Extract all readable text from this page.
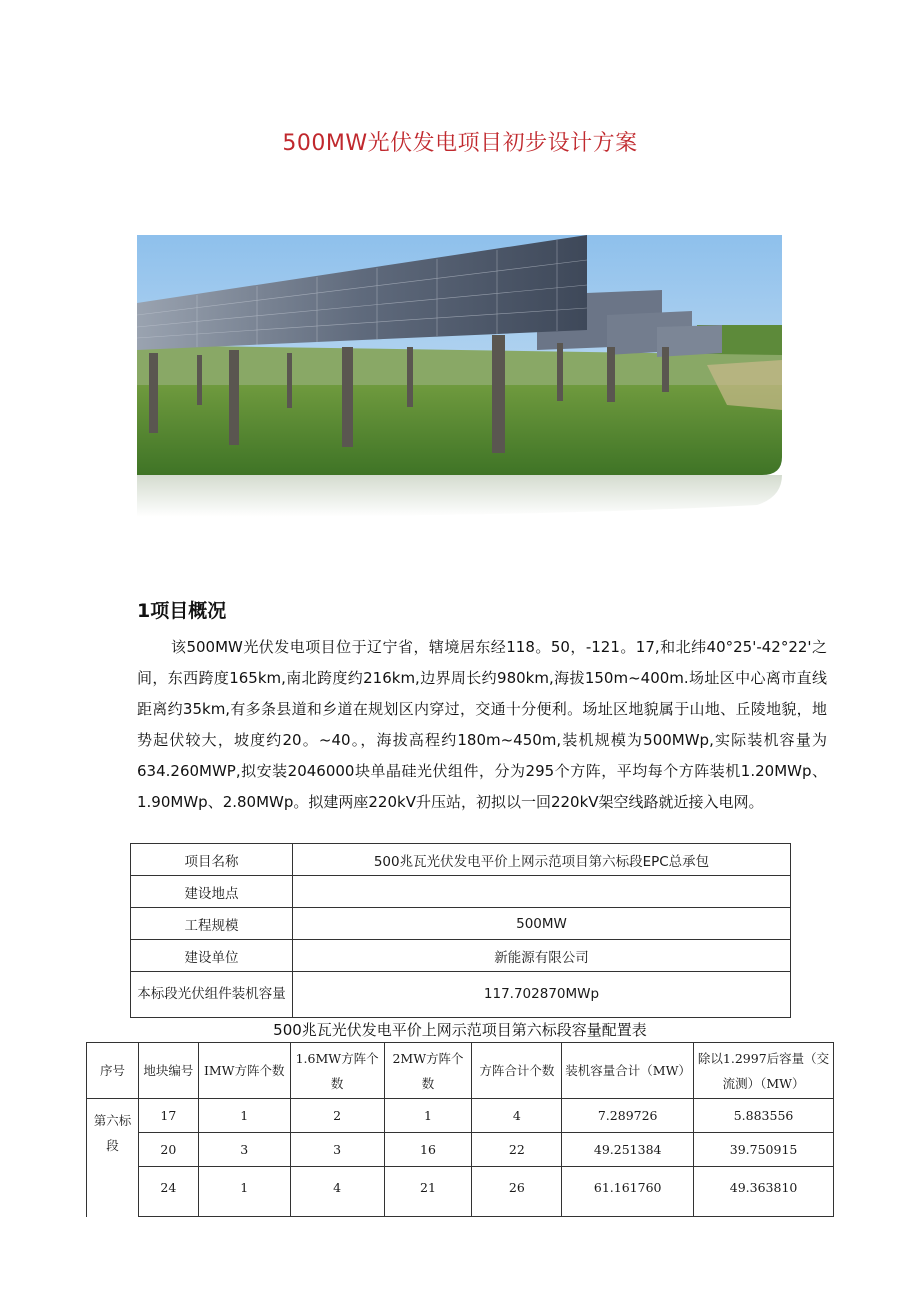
500MW光伏发电项目初步设计方案
1项目概况
该500MW光伏发电项目位于辽宁省，辖境居东经118。50，-121。17,和北纬40°25'-42°22'之间，东西跨度165km,南北跨度约216km,边界周长约980km,海拔150m~400m.场址区中心离市直线距离约35km,有多条县道和乡道在规划区内穿过，交通十分便利。场址区地貌属于山地、丘陵地貌，地势起伏较大，坡度约20。~40。，海拔高程约180m~450m,装机规模为500MWp,实际装机容量为634.260MWP,拟安装2046000块单晶硅光伏组件，分为295个方阵，平均每个方阵装机1.20MWp、1.90MWp、2.80MWp。拟建两座220kV升压站，初拟以一回220kV架空线路就近接入电网。
项目名称	500兆瓦光伏发电平价上网示范项目第六标段EPC总承包
建设地点	
工程规模	500MW
建设单位	新能源有限公司
本标段光伏组件装机容量	117.702870MWp
500兆瓦光伏发电平价上网示范项目第六标段容量配置表
序号	地块编号	IMW方阵个数	1.6MW方阵个数	2MW方阵个数	方阵合计个数	装机容量合计（MW）	除以1.2997后容量（交流测）（MW）
第六标段	17	1	2	1	4	7.289726	5.883556
	20	3	3	16	22	49.251384	39.750915
	24	1	4	21	26	61.161760	49.363810
